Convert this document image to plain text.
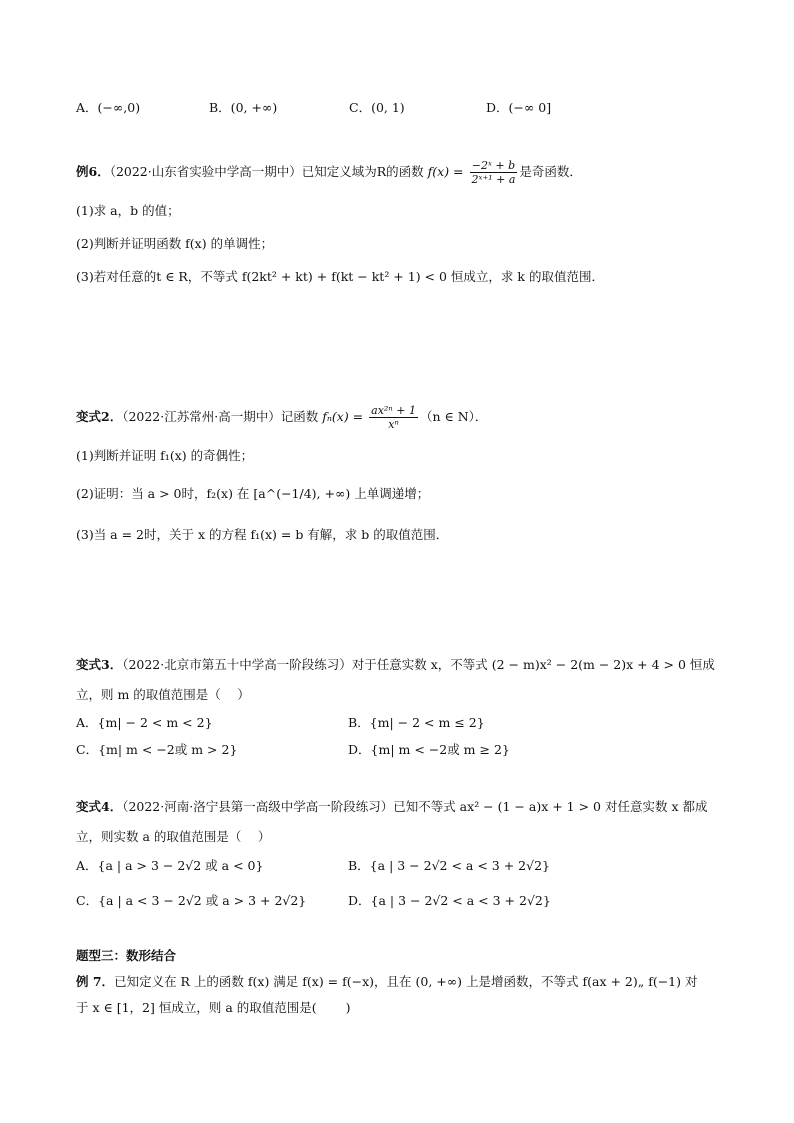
A．(−∞,0)	B．(0, +∞)	C．(0, 1)	D．(−∞ 0]
例6．（2022·山东省实验中学高一期中）已知定义域为R的函数 $f(x) = \frac{\text{−2ˣ + b}}{\text{2ˣ⁺¹ + a}}$ 是奇函数．
(1)求 a，b 的值；
(2)判断并证明函数 f(x) 的单调性；
(3)若对任意的t ∈ R，不等式 f(2kt² + kt) + f(kt − kt² + 1) < 0 恒成立，求 k 的取值范围．
变式2．（2022·江苏常州·高一期中）记函数 $f_n(x) = \frac{\text{ax²ⁿ + 1}}{\text{xⁿ}} (n$ ∈ N）．
(1)判断并证明 f₁(x) 的奇偶性；
(2)证明：当 a > 0时，f₂(x) 在 [a^(−1/4), +∞) 上单调递增；
(3)当 a = 2时，关于 x 的方程 f₁(x) = b 有解，求 b 的取值范围．
变式3．（2022·北京市第五十中学高一阶段练习）对于任意实数 x，不等式 (2 − m)x² − 2(m − 2)x + 4 > 0 恒成
立，则 m 的取值范围是（　 ）
A．{m| − 2 < m < 2}	B．{m| − 2 < m ≤ 2}
C．{m| m < −2或 m > 2}	D．{m| m < −2或 m ≥ 2}
变式4．（2022·河南·洛宁县第一高级中学高一阶段练习）已知不等式 ax² − (1 − a)x + 1 > 0 对任意实数 x 都成
立，则实数 a 的取值范围是（　 ）
A．{a | a > 3 − 2√2 或 a < 0}	B．{a | 3 − 2√2 < a < 3 + 2√2}
C．{a | a < 3 − 2√2 或 a > 3 + 2√2}	D．{a | 3 − 2√2 < a < 3 + 2√2}
题型三：数形结合
例 7．已知定义在 R 上的函数 f(x) 满足 f(x) = f(−x)，且在 (0, +∞) 上是增函数，不等式 f(ax + 2)„ f(−1) 对
于 x ∈ [1，2] 恒成立，则 a 的取值范围是(　　 )
